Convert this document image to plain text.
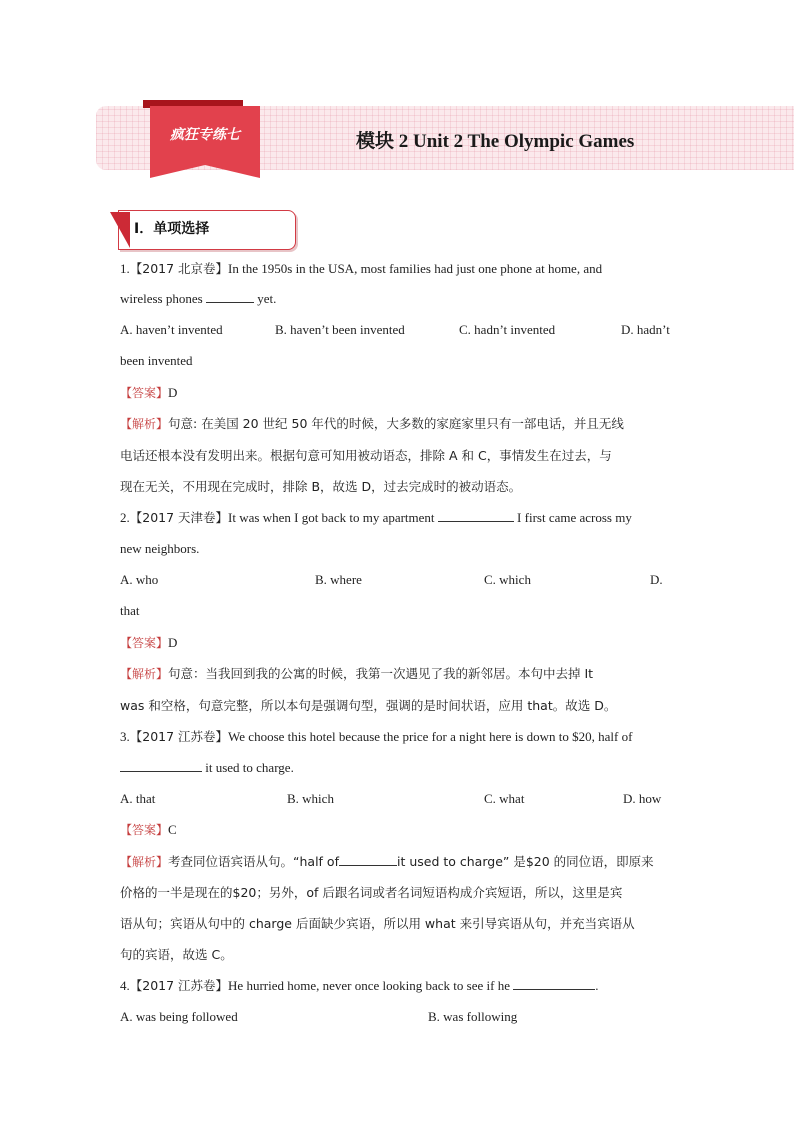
疯狂专练七	模块 2 Unit 2 The Olympic Games
Ⅰ．单项选择
1.【2017 北京卷】In the 1950s in the USA, most families had just one phone at home, and
wireless phones	yet.
A. haven’t invented	B. haven’t been invented	C. hadn’t invented	D. hadn’t
been invented
【答案】D
【解析】句意: 在美国 20 世纪 50 年代的时候，大多数的家庭家里只有一部电话，并且无线
电话还根本没有发明出来。根据句意可知用被动语态，排除 A 和 C，事情发生在过去，与
现在无关，不用现在完成时，排除 B，故选 D，过去完成时的被动语态。
2.【2017 天津卷】It was when I got back to my apartment	I first came across my
new neighbors.
A. who	B. where	C. which	D.
that
【答案】D
【解析】句意：当我回到我的公寓的时候，我第一次遇见了我的新邻居。本句中去掉 It
was 和空格，句意完整，所以本句是强调句型，强调的是时间状语，应用 that。故选 D。
3.【2017 江苏卷】We choose this hotel because the price for a night here is down to $20, half of
it used to charge.
A. that	B. which	C. what	D. how
【答案】C
【解析】考查同位语宾语从句。“half of	it used to charge” 是$20 的同位语，即原来
价格的一半是现在的$20；另外，of 后跟名词或者名词短语构成介宾短语，所以，这里是宾
语从句；宾语从句中的 charge 后面缺少宾语，所以用 what 来引导宾语从句，并充当宾语从
句的宾语，故选 C。
4.【2017 江苏卷】He hurried home, never once looking back to see if he	.
A. was being followed	B. was following
